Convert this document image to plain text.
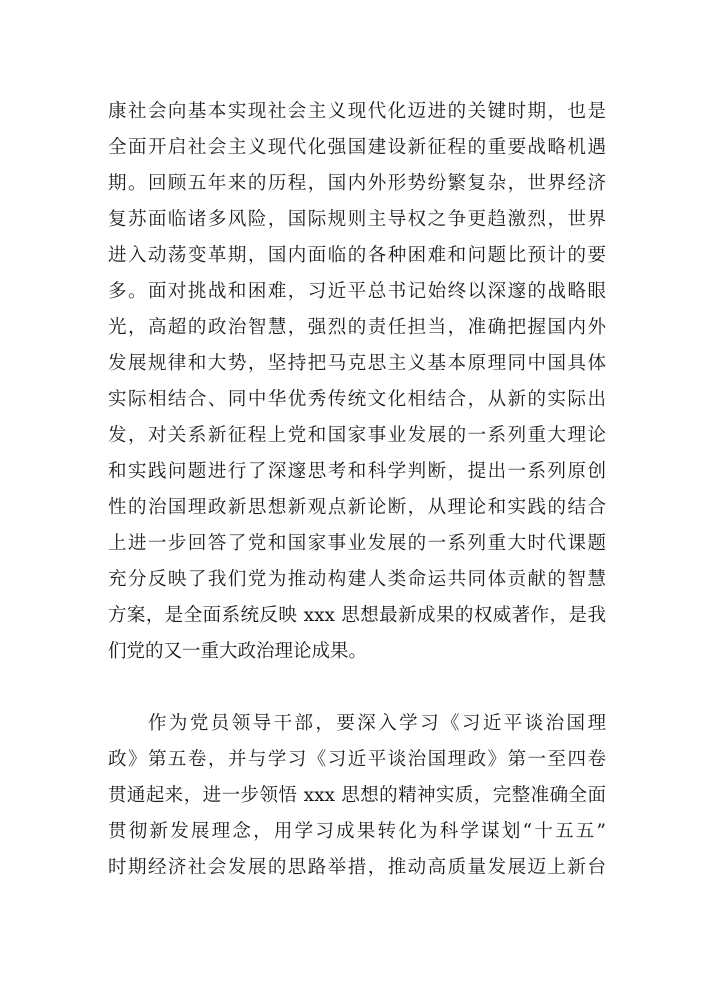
康社会向基本实现社会主义现代化迈进的关键时期，也是
全面开启社会主义现代化强国建设新征程的重要战略机遇
期。回顾五年来的历程，国内外形势纷繁复杂，世界经济
复苏面临诸多风险，国际规则主导权之争更趋激烈，世界
进入动荡变革期，国内面临的各种困难和问题比预计的要
多。面对挑战和困难，习近平总书记始终以深邃的战略眼
光，高超的政治智慧，强烈的责任担当，准确把握国内外
发展规律和大势，坚持把马克思主义基本原理同中国具体
实际相结合、同中华优秀传统文化相结合，从新的实际出
发，对关系新征程上党和国家事业发展的一系列重大理论
和实践问题进行了深邃思考和科学判断，提出一系列原创
性的治国理政新思想新观点新论断，从理论和实践的结合
上进一步回答了党和国家事业发展的一系列重大时代课题
充分反映了我们党为推动构建人类命运共同体贡献的智慧
方案，是全面系统反映 xxx 思想最新成果的权威著作，是我
们党的又一重大政治理论成果。
作为党员领导干部，要深入学习《习近平谈治国理
政》第五卷，并与学习《习近平谈治国理政》第一至四卷
贯通起来，进一步领悟 xxx 思想的精神实质，完整准确全面
贯彻新发展理念，用学习成果转化为科学谋划“十五五”
时期经济社会发展的思路举措，推动高质量发展迈上新台
